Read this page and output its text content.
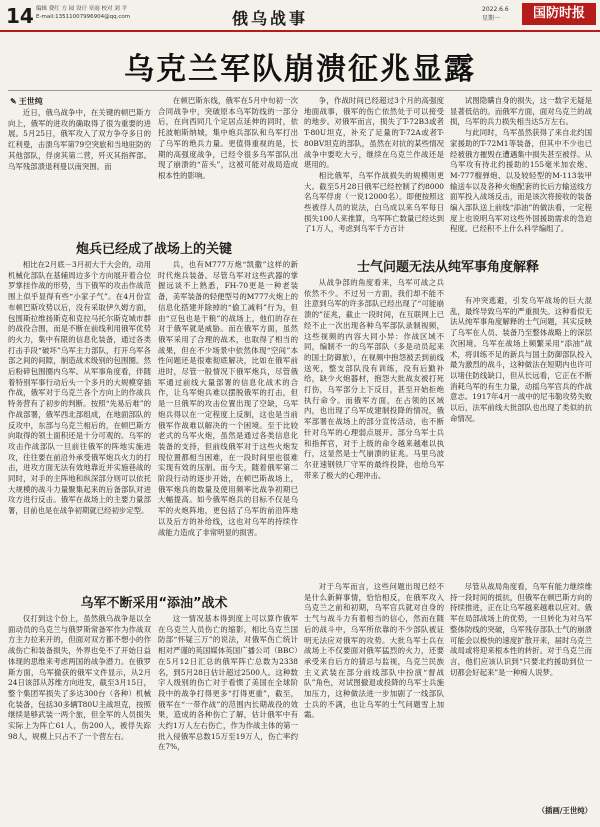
14 编辑 费红 方 园 设计 章雨 校对 刘 平
E-mail:13511007996904@qq.com	俄乌战事	2022.6.6
星期一	国防时报
乌克兰军队崩溃征兆显露
✎ 王世纯

近日，俄乌战争中，在关键的顿巴斯方向上，俄军的进攻的确取得了很为重要的进展。5月25日，俄军攻入了双方争夺多日的红利曼，击溃乌军第79空突旅和当地驻防的其他部队，俘虏其第二营，歼灭其指挥部。乌军残部溃退利曼以南突围。而

在顿巴斯东线，俄军在5月中旬初一次合同战争中，突破原本乌军防线的一部分后，在向西同几个定居点延伸的同时，依托波帕斯纳城，集中炮兵部队和乌军打出了乌军的绝兵力量。更值得重视的是，长期的高强度战争，已经令很多乌军部队出现了崩溃的“苗头”，这被可能对战局造成根本性的影响。

争，作战时间已经超过3个月的高强度地面战事，俄军的伤亡依然处于可以接受的地步。对俄军而言，损失了T-72B3或者T-80U坦克，补充了足量的T-72A或者T-80BV坦克的部队，虽然在对抗的某些情况战争中要吃大亏，继续在乌克兰作战还是堪用的。

相比俄军，乌军作战损失的规模则更大。截至5月28日俄军已经控制了约8000名乌军俘虏（一说12000名）。即便按照这些被俘人员的说法，白乌成以来乌军每日损失100人来推算，乌军阵亡数量已经达到了1万人，考虑到乌军千方百计

试图隐瞒自身的损失，这一数字无疑是显著低估的。而俄军方面，面对乌克兰的战损，乌军的兵力损失相当达5万左右。

与此同时，乌军虽然获得了来自北约国家援助的T-72M1等装备，但其中不少也已经被俄方摧毁在遭遇集中损失甚至被俘。从乌军攻有待北约援助的155毫米加农炮、M-777榴弹炮、以及较轻型的M-113装甲输送车以及各种火炮配套的长后方输送线方面军投入战场反击，而是该次将接收的装备编入部队送上前线“添油”的做法看，一定程度上也说明乌军对这些外国援助需求的急迫程度。已经积不上什么科学编组了。

炮兵已经成了战场上的关键

相比在2月底－3月初大于大会的，动用机械化部队在基辅周边多个方向展开着合位罗掌挂作战的形势，当下俄军的攻击作战范围上似乎显得有些“小家子气”。在4月份宣布顿巴斯攻势以后，没有采取伊久姆方面，包围斯拉维扬斯克和克拉马托尔斯克城市群的战役合围，而是不断在前线利用俄军优势的火力，集中有限的信息化装备，通过各类打击手段“破坏”乌军主力部队，打开乌军各部之间的间隙，制造战术级别的包围圈。然后粉碎包围圈内乌军。从军事角度看，伴随着特别军事行动后头一个多月的大规模穿插作战，俄军对于乌克兰各个方向上的作战兵特务营有了初步的判断。按照“先易后难”的作战部署，俄军西北部组成，在地面部队的反攻中，东部与乌克兰相后的，在顿巴斯方向取得的领土面积还是十分可观的。乌军的攻击作战部队一旦前往俄军的阵地实施进攻，往往要在前沿外承受俄军炮兵火力的打击，进攻方面无法有效地靠近并实施巷战的同时，对手的主阵地和纵深部分则可以依托大规模的战斗力量聚集起来的后备部队对进攻方进行反击。俄军在战场上的主要力量部署，目前也是在战争初期就已经初步定型。

兵，也有M777万炮“凯撒”这样的新时代炮兵装备。尽管乌军对这些武器的掌握远谈不上熟悉，FH-70更是一种老装备，美军装备的轻便型号的M777火炮上的信息化搭建并除掉的“偷工减料”行为，但由“豆包也是干粮”的战场上，他们的存在对于俄军就是威胁。而在俄军方面，虽然俄军采用了合理的战术，也取得了相当的战果，但在不少场景中依然体现“空间”本性问题还是很难彻底解决，比如在俄军前进时，尽管一般情况下俄军炮兵，尽管俄军通过前线大量部署的信息化战术的合作，让乌军炮兵难以摆脱俄军的打击，但是一旦俄军的攻击位置出现了空缺，乌军炮兵得以在一定程度上反制，这也是当前俄军作战难以解决的一个困境。至于比较老式的乌军火炮，虽然是通过各类信息化装备的支持，但前线俄军对于这些火炮发现位置都相当困难，在一段时间里也很难实现有效的压制。而今天，随着俄军第二阶段行动的逐步开始，在顿巴斯战场上，俄军炮兵的数量及使用频率比战争初期已大幅提高。如今俄军炮兵的目标不仅是乌军的火炮阵地，更包括了乌军的前沿阵地以及后方的补给线，这也对乌军的持续作战能力造成了非常明显的损害。

士气问题无法从纯军事角度解释

从战争部的角度看来，乌军可战之兵依然不少。不过另一方面，我们却不能不注意到乌军的许多部队已经出现了“可能崩溃的”征兆，截止一段时间，在互联网上已经不止一次出现各种乌军部队录制视频，这些视频的内容大同小异：作战区域不同，编制不一的乌军部队（多是动员起来的国土防御旅），在视频中抱怨被丢到前线送死，整支部队没有训练，没有后勤补给，缺少火炮器材，抱怨大批战友被打死打伤，乌军部分上下反目，甚至开始拒绝执行命令。而俄军方面，在占领的区域内，也出现了乌军成建制投降的情况，俄军部署在战场上的部分宣传活动，也不断针对乌军的心理弱点展开。部分乌军士兵和指挥官，对于上级的命令越来越难以执行，这显然是士气崩溃的征兆。马里乌波尔亚速钢铁厂守军的最终投降，也给乌军带来了极大的心理冲击。

有冲突逃避，引发乌军战场的巨大混乱，最终导致乌军的严重损失。这种看似无法从纯军事角度解释的士气问题，其实反映了乌军在人员、装备乃至整体战略上的深层次困境。乌军在战场上频繁采用“添油”战术，将训练不足的新兵与国土防御部队投入最为激烈的战斗，这种做法在短期内也许可以堵住防线缺口，但从长远看，它正在不断消耗乌军的有生力量，动摇乌军官兵的作战意志。1917年4月一战中的尼韦勒攻势失败以后，法军前线大批部队也出现了类似的抗命情况。

乌军不断采用“添油”战术

仅打到这个份上，虽然俄乌战争是以全面动员的乌克兰与俄罗斯常备军作为作战双方主力拉来开的，但面对双方都不想小的作战伤亡和装备损失，外界也免不了开始日益体现的思维来考虑两国的战争潜力。在俄罗斯方面，乌军撤获的俄军文件显示，从2月24日该部从苏维方向进发，截至3月15日，整个集团军损失了多达300台（各种）机械化装备，包括30多辆T80U主战坦克，按照继续是够武装一两个旅，但全军的人员损失实际上为阵亡61人，伤200人，被俘失踪98人，规模上只占不了一个营左右。

这一情况基本得到度上可以算作俄军在乌克兰人员伤亡的缩影，相比乌克兰国防部“怀疑三万”的说法，对俄军伤亡统计相对严谨的英国媒体英国广播公司（BBC）在5月12日汇总的俄军阵亡总数为2338名，到5月28日估计超过2500人。这种数字人级别的伤亡对于看惯了美国在全球阶段中的战争打得更多“打得更重”，截至，俄军在“一带作战”的范围内长期战役的效果，造成的各种伤亡了解，估计俄军中有大约1万人左右伤亡，作为作战主体的第一批入侵俄军总数15万至19万人，伤亡率约在7%，

对于乌军而言，这些问题出现已经不是什么新鲜事情，恰恰相反，在俄军攻入乌克兰之前和初期，乌军官兵就对自身的士气与战斗力有着相当的信心，然而在随后的战斗中，乌军所依靠的不少部队被证明无法应对俄军的攻势。大批乌军士兵在战场上不仅要面对俄军猛烈的火力，还要承受来自后方的猜忌与监视，乌克兰民族主义武装在部分前线部队中扮演“督战队”角色，对试图撤退或投降的乌军士兵施加压力，这种做法进一步加剧了一线部队士兵的不满，也让乌军的士气问题雪上加霜。

尽管从战局角度看，乌军有能力继续维持一段时间的抵抗，但俄军在顿巴斯方向的持续推进，正在让乌军越来越难以应对。俄军在局部战场上的优势，一旦转化为对乌军整体防线的突破，乌军残存部队士气的崩溃可能会以极快的速度扩散开来，届时乌克兰战局或将迎来根本性的转折。对于乌克兰而言，他们应该认识到“只要北约援助到位一切都会好起来”是一种痴人说梦。

（插画/王世纯）
